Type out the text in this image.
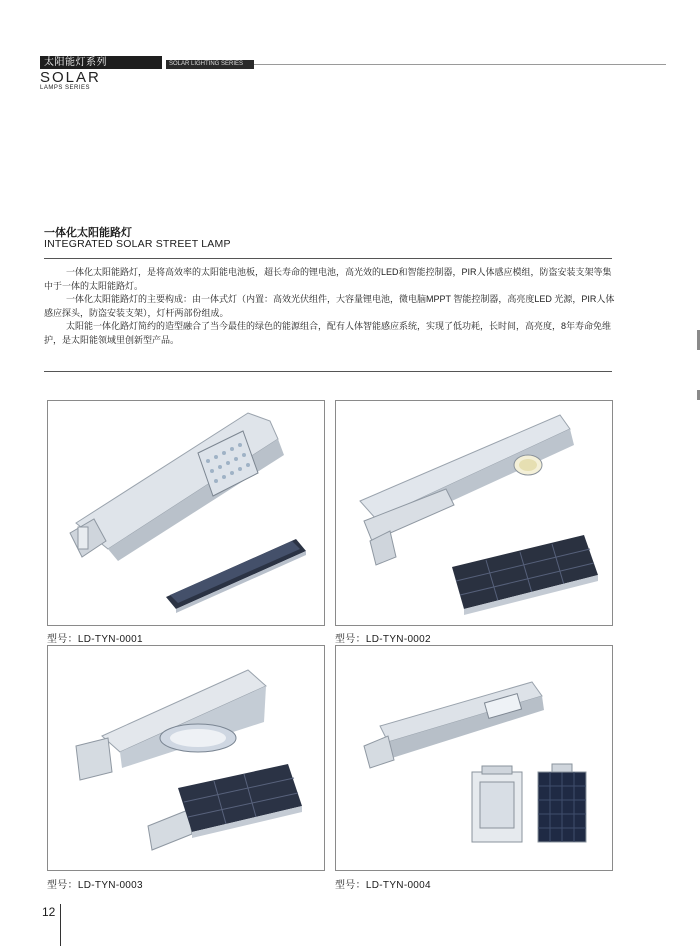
太阳能灯系列	SOLAR LIGHTING SERIES
SOLAR
LAMPS SERIES
一体化太阳能路灯
INTEGRATED SOLAR STREET LAMP

一体化太阳能路灯，是将高效率的太阳能电池板，超长寿命的锂电池，高光效的LED和智能控制器，PIR人体感应模组，防盗安装支架等集中于一体的太阳能路灯。

一体化太阳能路灯的主要构成：由一体式灯（内置：高效光伏组件，大容量锂电池，微电脑MPPT 智能控制器，高亮度LED 光源，PIR人体感应探头，防盗安装支架），灯杆两部份组成。

太阳能一体化路灯简约的造型融合了当今最佳的绿色的能源组合，配有人体智能感应系统，实现了低功耗，长时间，高亮度，8年寿命免维护，是太阳能领域里创新型产品。

型号：LD-TYN-0001	型号：LD-TYN-0002
型号：LD-TYN-0003	型号：LD-TYN-0004
12
